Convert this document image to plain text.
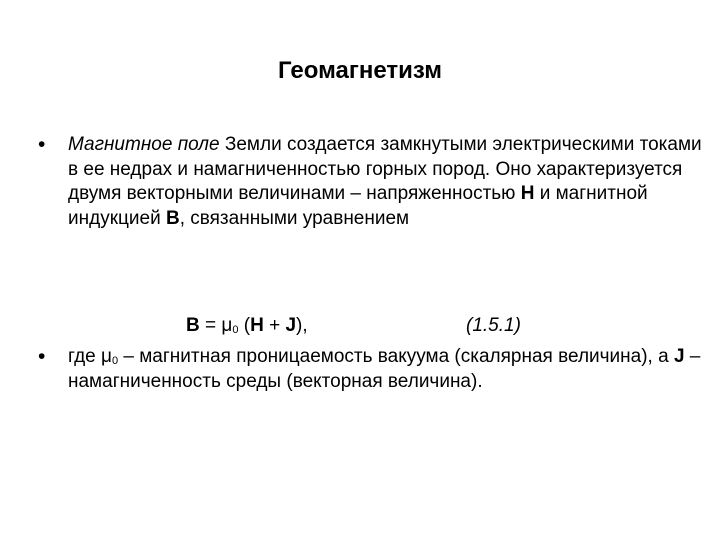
Геомагнетизм
• Магнитное поле Земли создается замкнутыми электрическими токами в ее недрах и намагниченностью горных пород. Оно характеризуется двумя векторными величинами – напряженностью H и магнитной индукцией B, связанными уравнением
$B = \mu_0$ (H + J),	(1.5.1)
• где $\mu_0$ – магнитная проницаемость вакуума (скалярная величина), а J – намагниченность среды (векторная величина).
